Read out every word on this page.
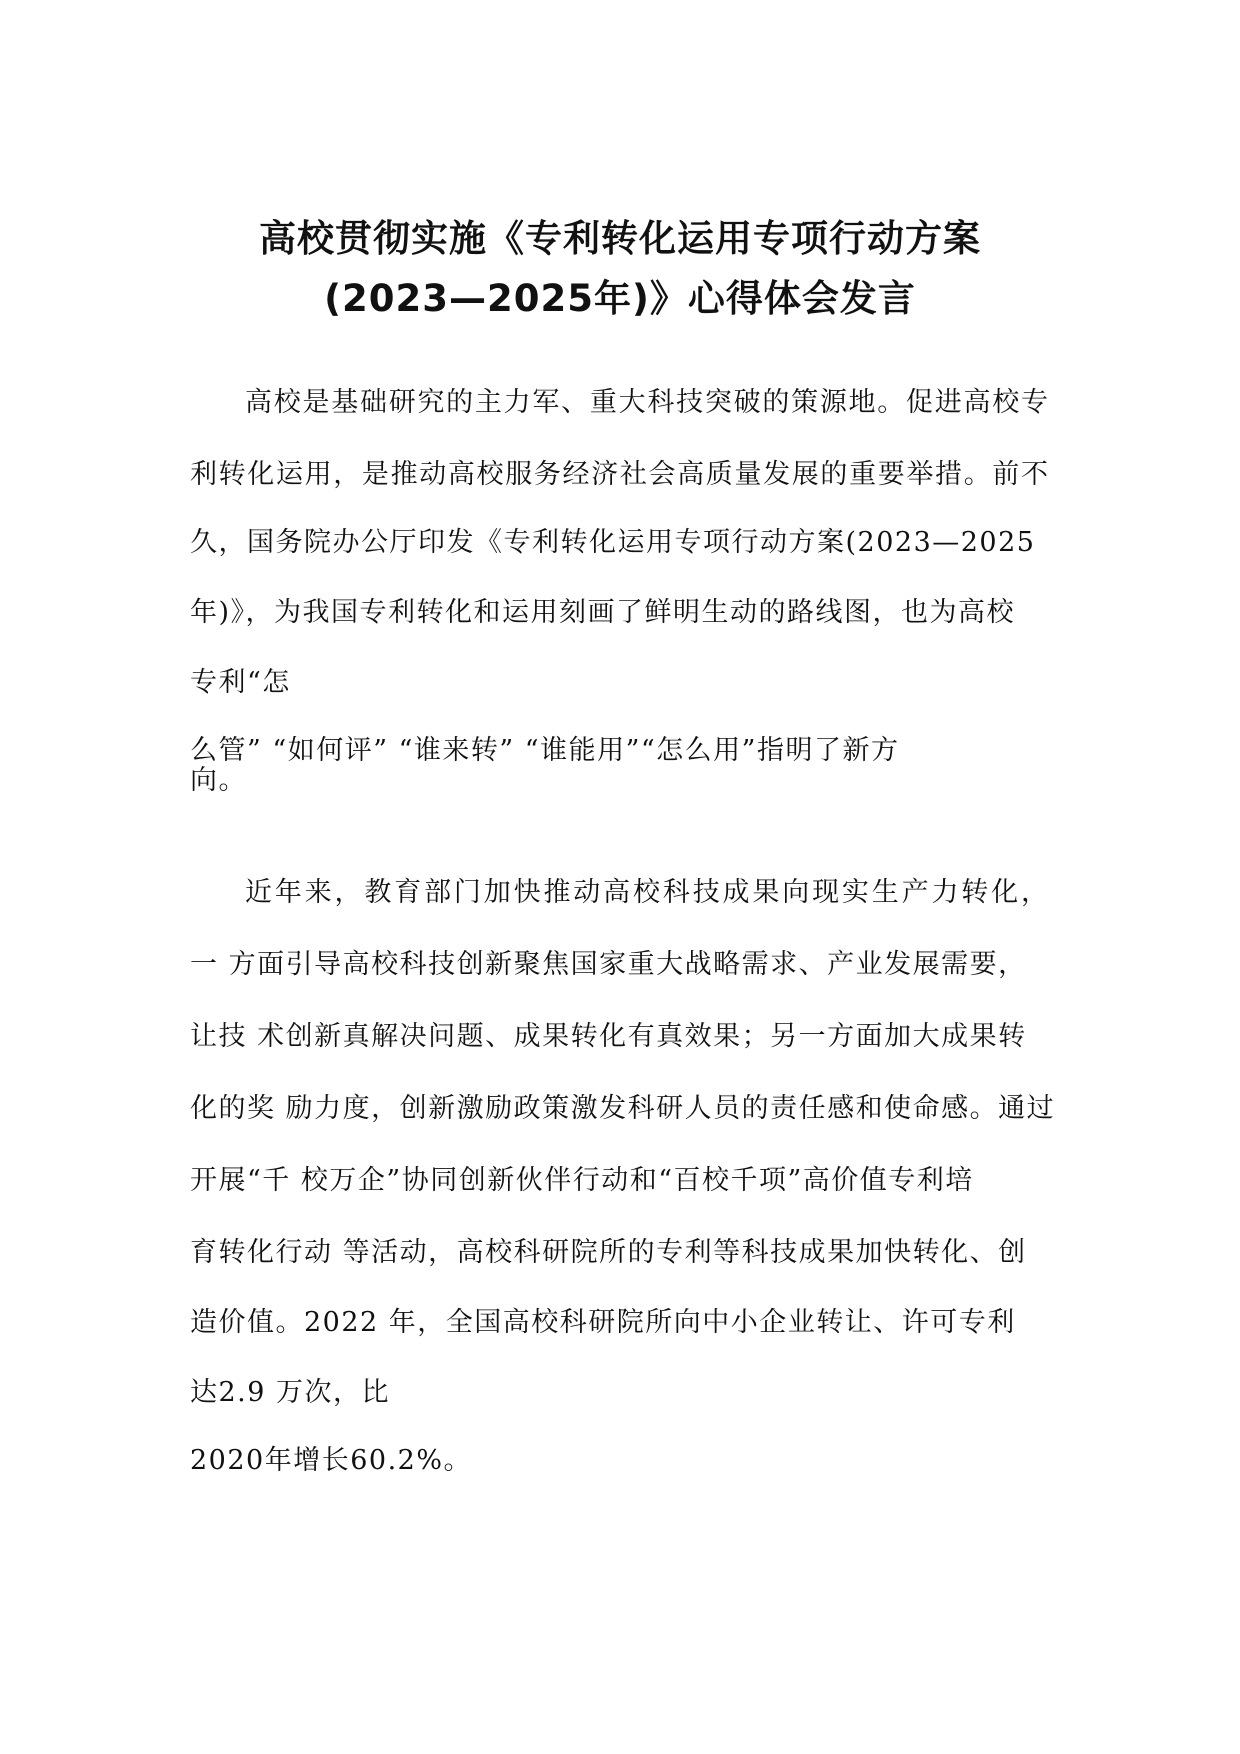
高校贯彻实施《专利转化运用专项行动方案
(2023—2025年)》心得体会发言
高校是基础研究的主力军、重大科技突破的策源地。促进高校专
利转化运用，是推动高校服务经济社会高质量发展的重要举措。前不
久，国务院办公厅印发《专利转化运用专项行动方案(2023—2025
年)》，为我国专利转化和运用刻画了鲜明生动的路线图，也为高校
专利“怎
么管” “如何评” “谁来转” “谁能用”“怎么用”指明了新方
向。
近年来，教育部门加快推动高校科技成果向现实生产力转化，
一 方面引导高校科技创新聚焦国家重大战略需求、产业发展需要，
让技 术创新真解决问题、成果转化有真效果；另一方面加大成果转
化的奖 励力度，创新激励政策激发科研人员的责任感和使命感。通过
开展“千 校万企”协同创新伙伴行动和“百校千项”高价值专利培
育转化行动 等活动，高校科研院所的专利等科技成果加快转化、创
造价值。2022 年，全国高校科研院所向中小企业转让、许可专利
达2.9 万次，比
2020年增长60.2%。
